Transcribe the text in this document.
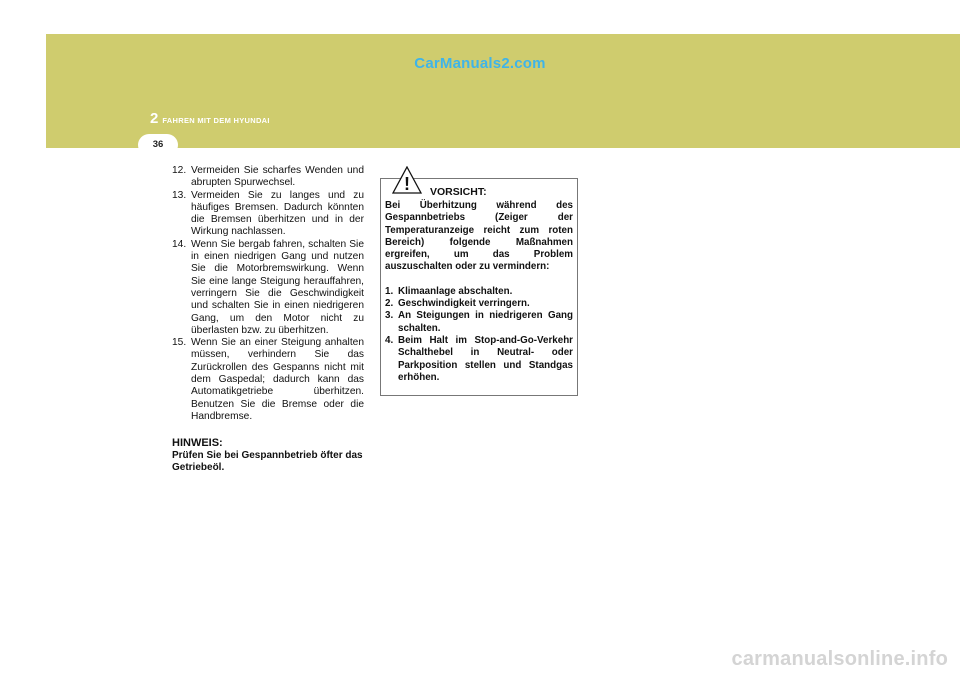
CarManuals2.com
2 FAHREN MIT DEM HYUNDAI
36
12. Vermeiden Sie scharfes Wenden und abrupten Spurwechsel.
13. Vermeiden Sie zu langes und zu häufiges Bremsen. Dadurch könnten die Bremsen überhitzen und in der Wirkung nachlassen.
14. Wenn Sie bergab fahren, schalten Sie in einen niedrigen Gang und nutzen Sie die Motorbremswirkung. Wenn Sie eine lange Steigung herauffahren, verringern Sie die Geschwindigkeit und schalten Sie in einen niedrigeren Gang, um den Motor nicht zu überlasten bzw. zu überhitzen.
15. Wenn Sie an einer Steigung anhalten müssen, verhindern Sie das Zurückrollen des Gespanns nicht mit dem Gaspedal; dadurch kann das Automatikgetriebe überhitzen. Benutzen Sie die Bremse oder die Handbremse.
HINWEIS:
Prüfen Sie bei Gespannbetrieb öfter das Getriebeöl.
! VORSICHT:
Bei Überhitzung während des Gespannbetriebs (Zeiger der Temperaturanzeige reicht zum roten Bereich) folgende Maßnahmen ergreifen, um das Problem auszuschalten oder zu vermindern:
1. Klimaanlage abschalten.
2. Geschwindigkeit verringern.
3. An Steigungen in niedrigeren Gang schalten.
4. Beim Halt im Stop-and-Go-Verkehr Schalthebel in Neutral- oder Parkposition stellen und Standgas erhöhen.
carmanualsonline.info
